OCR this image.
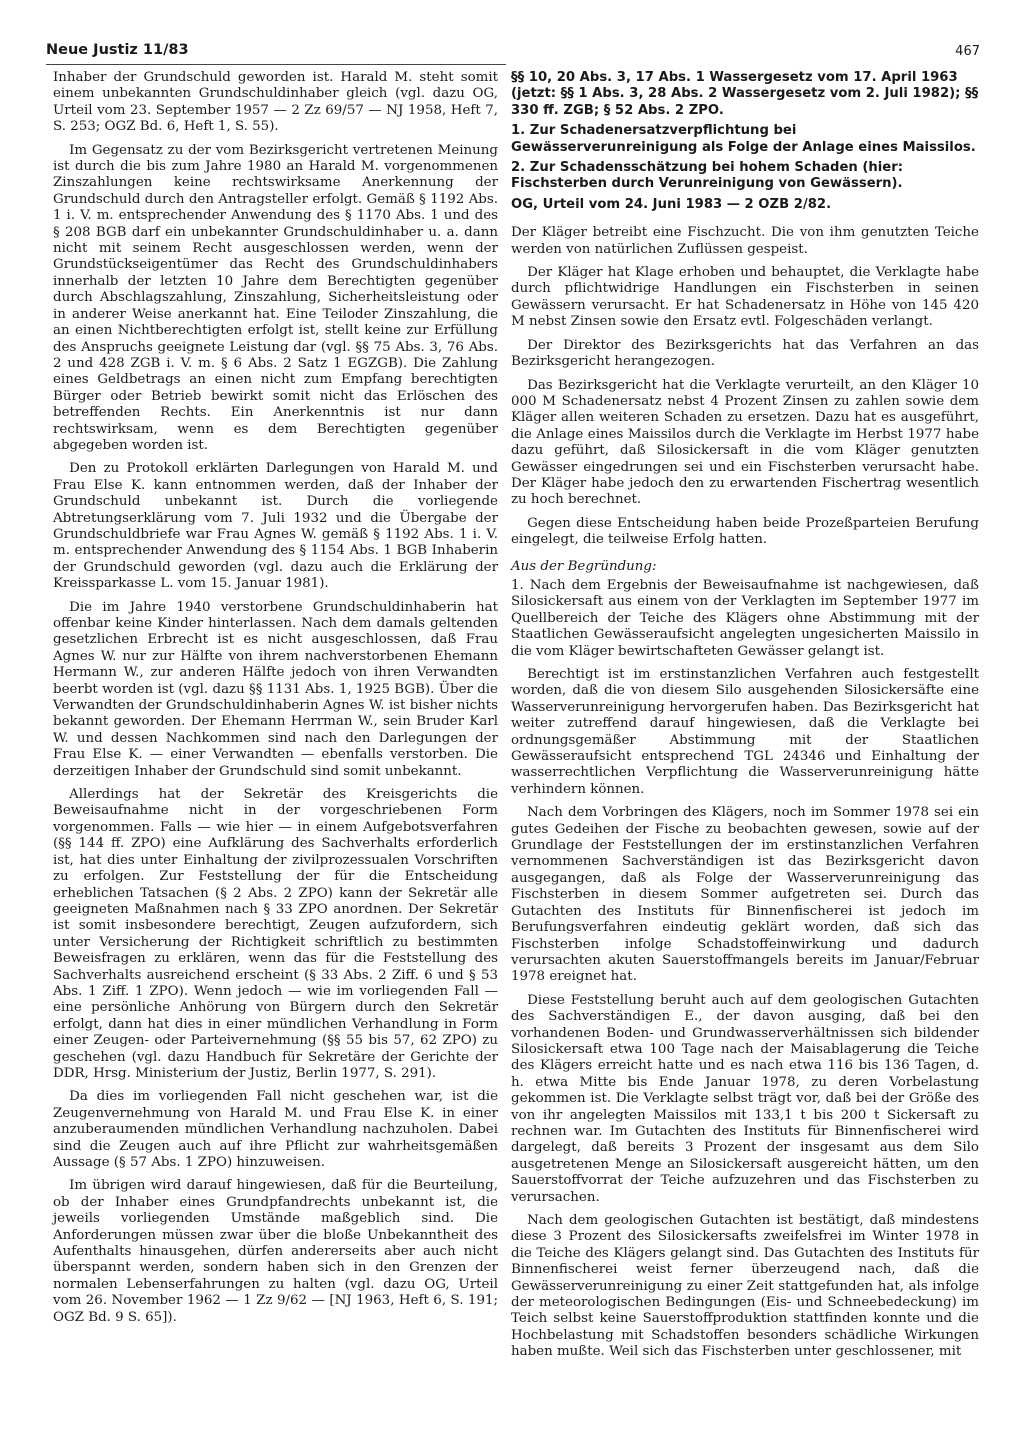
Neue Justiz 11/83	467

Inhaber der Grundschuld geworden ist. Harald M. steht somit einem unbekannten Grundschuldinhaber gleich (vgl. dazu OG, Urteil vom 23. September 1957 — 2 Zz 69/57 — NJ 1958, Heft 7, S. 253; OGZ Bd. 6, Heft 1, S. 55).

Im Gegensatz zu der vom Bezirksgericht vertretenen Meinung ist durch die bis zum Jahre 1980 an Harald M. vorgenommenen Zinszahlungen keine rechtswirksame Anerkennung der Grundschuld durch den Antragsteller erfolgt. Gemäß § 1192 Abs. 1 i. V. m. entsprechender Anwendung des § 1170 Abs. 1 und des § 208 BGB darf ein unbekannter Grundschuldinhaber u. a. dann nicht mit seinem Recht ausgeschlossen werden, wenn der Grundstückseigentümer das Recht des Grundschuldinhabers innerhalb der letzten 10 Jahre dem Berechtigten gegenüber durch Abschlagszahlung, Zinszahlung, Sicherheitsleistung oder in anderer Weise anerkannt hat. Eine Teiloder Zinszahlung, die an einen Nichtberechtigten erfolgt ist, stellt keine zur Erfüllung des Anspruchs geeignete Leistung dar (vgl. §§ 75 Abs. 3, 76 Abs. 2 und 428 ZGB i. V. m. § 6 Abs. 2 Satz 1 EGZGB). Die Zahlung eines Geldbetrags an einen nicht zum Empfang berechtigten Bürger oder Betrieb bewirkt somit nicht das Erlöschen des betreffenden Rechts. Ein Anerkenntnis ist nur dann rechtswirksam, wenn es dem Berechtigten gegenüber abgegeben worden ist.

Den zu Protokoll erklärten Darlegungen von Harald M. und Frau Else K. kann entnommen werden, daß der Inhaber der Grundschuld unbekannt ist. Durch die vorliegende Abtretungserklärung vom 7. Juli 1932 und die Übergabe der Grundschuldbriefe war Frau Agnes W. gemäß § 1192 Abs. 1 i. V. m. entsprechender Anwendung des § 1154 Abs. 1 BGB Inhaberin der Grundschuld geworden (vgl. dazu auch die Erklärung der Kreissparkasse L. vom 15. Januar 1981).

Die im Jahre 1940 verstorbene Grundschuldinhaberin hat offenbar keine Kinder hinterlassen. Nach dem damals geltenden gesetzlichen Erbrecht ist es nicht ausgeschlossen, daß Frau Agnes W. nur zur Hälfte von ihrem nachverstorbenen Ehemann Hermann W., zur anderen Hälfte jedoch von ihren Verwandten beerbt worden ist (vgl. dazu §§ 1131 Abs. 1, 1925 BGB). Über die Verwandten der Grundschuldinhaberin Agnes W. ist bisher nichts bekannt geworden. Der Ehemann Herrman W., sein Bruder Karl W. und dessen Nachkommen sind nach den Darlegungen der Frau Else K. — einer Verwandten — ebenfalls verstorben. Die derzeitigen Inhaber der Grundschuld sind somit unbekannt.

Allerdings hat der Sekretär des Kreisgerichts die Beweisaufnahme nicht in der vorgeschriebenen Form vorgenommen. Falls — wie hier — in einem Aufgebotsverfahren (§§ 144 ff. ZPO) eine Aufklärung des Sachverhalts erforderlich ist, hat dies unter Einhaltung der zivilprozessualen Vorschriften zu erfolgen. Zur Feststellung der für die Entscheidung erheblichen Tatsachen (§ 2 Abs. 2 ZPO) kann der Sekretär alle geeigneten Maßnahmen nach § 33 ZPO anordnen. Der Sekretär ist somit insbesondere berechtigt, Zeugen aufzufordern, sich unter Versicherung der Richtigkeit schriftlich zu bestimmten Beweisfragen zu erklären, wenn das für die Feststellung des Sachverhalts ausreichend erscheint (§ 33 Abs. 2 Ziff. 6 und § 53 Abs. 1 Ziff. 1 ZPO). Wenn jedoch — wie im vorliegenden Fall — eine persönliche Anhörung von Bürgern durch den Sekretär erfolgt, dann hat dies in einer mündlichen Verhandlung in Form einer Zeugen- oder Parteivernehmung (§§ 55 bis 57, 62 ZPO) zu geschehen (vgl. dazu Handbuch für Sekretäre der Gerichte der DDR, Hrsg. Ministerium der Justiz, Berlin 1977, S. 291).

Da dies im vorliegenden Fall nicht geschehen war, ist die Zeugenvernehmung von Harald M. und Frau Else K. in einer anzuberaumenden mündlichen Verhandlung nachzuholen. Dabei sind die Zeugen auch auf ihre Pflicht zur wahrheitsgemäßen Aussage (§ 57 Abs. 1 ZPO) hinzuweisen.

Im übrigen wird darauf hingewiesen, daß für die Beurteilung, ob der Inhaber eines Grundpfandrechts unbekannt ist, die jeweils vorliegenden Umstände maßgeblich sind. Die Anforderungen müssen zwar über die bloße Unbekanntheit des Aufenthalts hinausgehen, dürfen andererseits aber auch nicht überspannt werden, sondern haben sich in den Grenzen der normalen Lebenserfahrungen zu halten (vgl. dazu OG, Urteil vom 26. November 1962 — 1 Zz 9/62 — [NJ 1963, Heft 6, S. 191; OGZ Bd. 9 S. 65]).

§§ 10, 20 Abs. 3, 17 Abs. 1 Wassergesetz vom 17. April 1963 (jetzt: §§ 1 Abs. 3, 28 Abs. 2 Wassergesetz vom 2. Juli 1982); §§ 330 ff. ZGB; § 52 Abs. 2 ZPO.

1. Zur Schadenersatzverpflichtung bei Gewässerverunreinigung als Folge der Anlage eines Maissilos.

2. Zur Schadensschätzung bei hohem Schaden (hier: Fischsterben durch Verunreinigung von Gewässern).

OG, Urteil vom 24. Juni 1983 — 2 OZB 2/82.

Der Kläger betreibt eine Fischzucht. Die von ihm genutzten Teiche werden von natürlichen Zuflüssen gespeist.

Der Kläger hat Klage erhoben und behauptet, die Verklagte habe durch pflichtwidrige Handlungen ein Fischsterben in seinen Gewässern verursacht. Er hat Schadenersatz in Höhe von 145 420 M nebst Zinsen sowie den Ersatz evtl. Folgeschäden verlangt.

Der Direktor des Bezirksgerichts hat das Verfahren an das Bezirksgericht herangezogen.

Das Bezirksgericht hat die Verklagte verurteilt, an den Kläger 10 000 M Schadenersatz nebst 4 Prozent Zinsen zu zahlen sowie dem Kläger allen weiteren Schaden zu ersetzen. Dazu hat es ausgeführt, die Anlage eines Maissilos durch die Verklagte im Herbst 1977 habe dazu geführt, daß Silosickersaft in die vom Kläger genutzten Gewässer eingedrungen sei und ein Fischsterben verursacht habe. Der Kläger habe jedoch den zu erwartenden Fischertrag wesentlich zu hoch berechnet.

Gegen diese Entscheidung haben beide Prozeßparteien Berufung eingelegt, die teilweise Erfolg hatten.

Aus der Begründung:

1. Nach dem Ergebnis der Beweisaufnahme ist nachgewiesen, daß Silosickersaft aus einem von der Verklagten im September 1977 im Quellbereich der Teiche des Klägers ohne Abstimmung mit der Staatlichen Gewässeraufsicht angelegten ungesicherten Maissilo in die vom Kläger bewirtschafteten Gewässer gelangt ist.

Berechtigt ist im erstinstanzlichen Verfahren auch festgestellt worden, daß die von diesem Silo ausgehenden Silosickersäfte eine Wasserverunreinigung hervorgerufen haben. Das Bezirksgericht hat weiter zutreffend darauf hingewiesen, daß die Verklagte bei ordnungsgemäßer Abstimmung mit der Staatlichen Gewässeraufsicht entsprechend TGL 24346 und Einhaltung der wasserrechtlichen Verpflichtung die Wasserverunreinigung hätte verhindern können.

Nach dem Vorbringen des Klägers, noch im Sommer 1978 sei ein gutes Gedeihen der Fische zu beobachten gewesen, sowie auf der Grundlage der Feststellungen der im erstinstanzlichen Verfahren vernommenen Sachverständigen ist das Bezirksgericht davon ausgegangen, daß als Folge der Wasserverunreinigung das Fischsterben in diesem Sommer aufgetreten sei. Durch das Gutachten des Instituts für Binnenfischerei ist jedoch im Berufungsverfahren eindeutig geklärt worden, daß sich das Fischsterben infolge Schadstoffeinwirkung und dadurch verursachten akuten Sauerstoffmangels bereits im Januar/Februar 1978 ereignet hat.

Diese Feststellung beruht auch auf dem geologischen Gutachten des Sachverständigen E., der davon ausging, daß bei den vorhandenen Boden- und Grundwasserverhältnissen sich bildender Silosickersaft etwa 100 Tage nach der Maisablagerung die Teiche des Klägers erreicht hatte und es nach etwa 116 bis 136 Tagen, d. h. etwa Mitte bis Ende Januar 1978, zu deren Vorbelastung gekommen ist. Die Verklagte selbst trägt vor, daß bei der Größe des von ihr angelegten Maissilos mit 133,1 t bis 200 t Sickersaft zu rechnen war. Im Gutachten des Instituts für Binnenfischerei wird dargelegt, daß bereits 3 Prozent der insgesamt aus dem Silo ausgetretenen Menge an Silosickersaft ausgereicht hätten, um den Sauerstoffvorrat der Teiche aufzuzehren und das Fischsterben zu verursachen.

Nach dem geologischen Gutachten ist bestätigt, daß mindestens diese 3 Prozent des Silosickersafts zweifelsfrei im Winter 1978 in die Teiche des Klägers gelangt sind. Das Gutachten des Instituts für Binnenfischerei weist ferner überzeugend nach, daß die Gewässerverunreinigung zu einer Zeit stattgefunden hat, als infolge der meteorologischen Bedingungen (Eis- und Schneebedeckung) im Teich selbst keine Sauerstoffproduktion stattfinden konnte und die Hochbelastung mit Schadstoffen besonders schädliche Wirkungen haben mußte. Weil sich das Fischsterben unter geschlossener, mit
